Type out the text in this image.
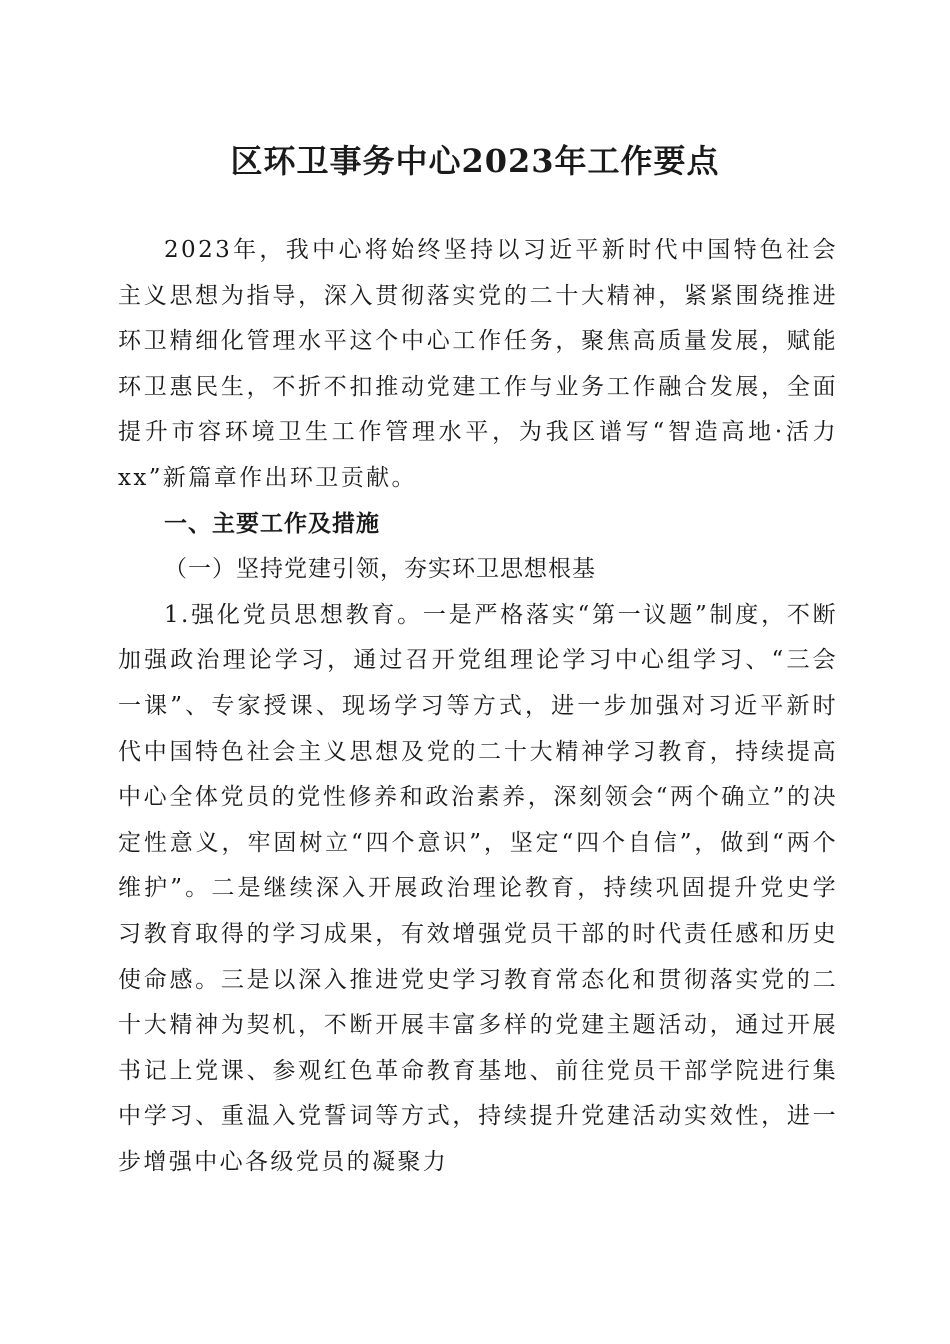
区环卫事务中心2023年工作要点

2023年，我中心将始终坚持以习近平新时代中国特色社会主义思想为指导，深入贯彻落实党的二十大精神，紧紧围绕推进环卫精细化管理水平这个中心工作任务，聚焦高质量发展，赋能环卫惠民生，不折不扣推动党建工作与业务工作融合发展，全面提升市容环境卫生工作管理水平，为我区谱写“智造高地·活力xx”新篇章作出环卫贡献。

一、主要工作及措施

（一）坚持党建引领，夯实环卫思想根基

1.强化党员思想教育。一是严格落实“第一议题”制度，不断加强政治理论学习，通过召开党组理论学习中心组学习、“三会一课”、专家授课、现场学习等方式，进一步加强对习近平新时代中国特色社会主义思想及党的二十大精神学习教育，持续提高中心全体党员的党性修养和政治素养，深刻领会“两个确立”的决定性意义，牢固树立“四个意识”，坚定“四个自信”，做到“两个维护”。二是继续深入开展政治理论教育，持续巩固提升党史学习教育取得的学习成果，有效增强党员干部的时代责任感和历史使命感。三是以深入推进党史学习教育常态化和贯彻落实党的二十大精神为契机，不断开展丰富多样的党建主题活动，通过开展书记上党课、参观红色革命教育基地、前往党员干部学院进行集中学习、重温入党誓词等方式，持续提升党建活动实效性，进一步增强中心各级党员的凝聚力
